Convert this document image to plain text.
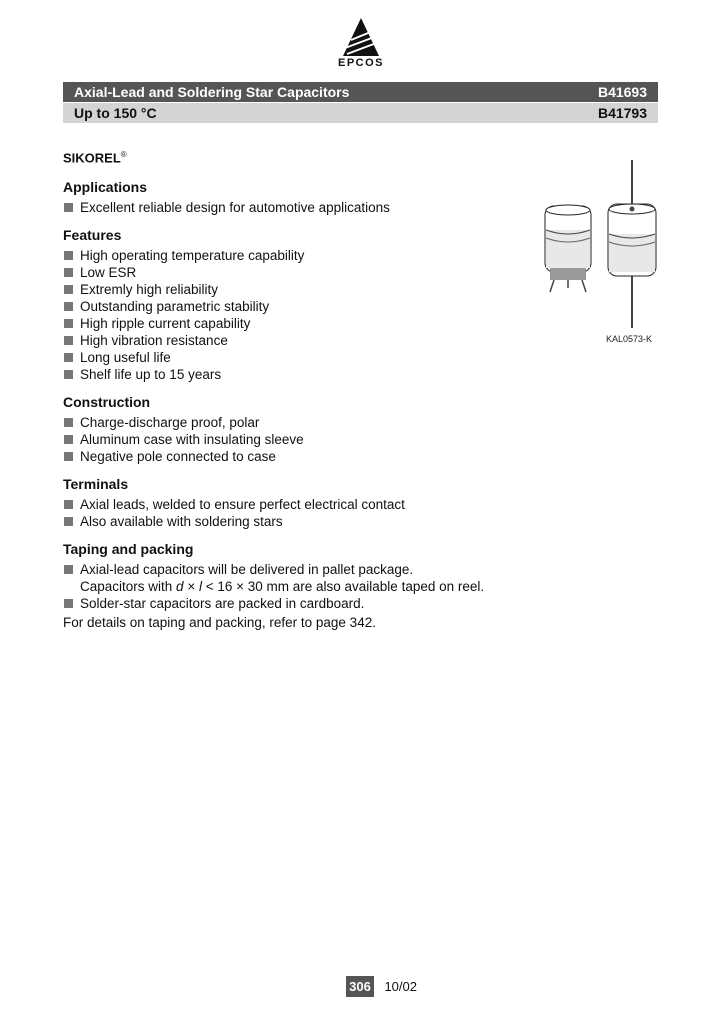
EPCOS
Axial-Lead and Soldering Star Capacitors	B41693
Up to 150 °C	B41793
SIKOREL®
Applications
Excellent reliable design for automotive applications
Features
High operating temperature capability
Low ESR
Extremly high reliability
Outstanding parametric stability
High ripple current capability
High vibration resistance
Long useful life
Shelf life up to 15 years
Construction
Charge-discharge proof, polar
Aluminum case with insulating sleeve
Negative pole connected to case
Terminals
Axial leads, welded to ensure perfect electrical contact
Also available with soldering stars
Taping and packing
Axial-lead capacitors will be delivered in pallet package.
Capacitors with d × l < 16 × 30 mm are also available taped on reel.
Solder-star capacitors are packed in cardboard.
For details on taping and packing, refer to page 342.
KAL0573-K
306 10/02
